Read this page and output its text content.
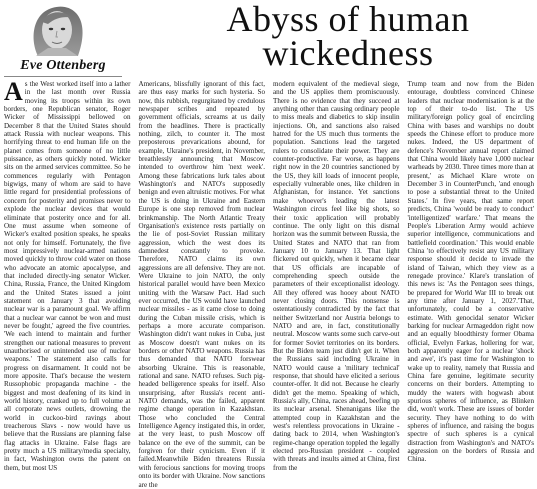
Eve Ottenberg
Abyss of human
wickedness

As the West worked itself into a lather in the last month over Russia moving its troops within its own borders, one Republican senator, Roger Wicker of Mississippi bellowed on December 8 that the United States should attack Russia with nuclear weapons. This horrifying threat to end human life on the planet comes from someone of no little puissance, as others quickly noted. Wicker sits on the armed services committee. So he commences regularly with Pentagon bigwigs, many of whom are said to have little regard for presidential professions of concern for posterity and promises never to explode the nuclear devices that would eliminate that posterity once and for all. One must assume when someone of Wicker's exalted position speaks, he speaks not only for himself. Fortunately, the five most impressively nuclear-armed nations moved quickly to throw cold water on those who advocate an atomic apocalypse, and that included directly-ing senator Wicker. China, Russia, France, the United Kingdom and the United States issued a joint statement on January 3 that avoiding nuclear war is a paramount goal. We affirm that a nuclear war cannot be won and must never be fought,' agreed the five countries. 'We each intend to maintain and further strengthen our national measures to prevent unauthorised or unintended use of nuclear weapons.' The statement also calls for progress on disarmament. It could not be more apposite. That's because the western Russophobic propaganda machine - the biggest and most deafening of its kind in world history, cranked up to full volume at all corporate news outlets, drowning the world in cuckoo-bird ravings about treacherous Slavs - now would have us believe that the Russians are planning false flag attacks in Ukraine. False flags are pretty much a US military/media specialty, in fact, Washington owns the patent on them, but most US

Americans, blissfully ignorant of this fact, are thus easy marks for such hysteria. So now, this rubbish, regurgitated by credulous newspaper scribes and repeated by government officials, screams at us daily from the headlines. There is practically nothing, zilch, to counter it. The most preposterous prevarications abound, for example, Ukraine's president, in November, breathlessly announcing that Moscow intended to overthrow him 'next week'. Among these fabrications lurk tales about Washington's and NATO's supposedly benign and even altruistic motives. For what the US is doing in Ukraine and Eastern Europe is one step removed from nuclear brinkmanship. The North Atlantic Treaty Organisation's existence rests partially on the lie of post-Soviet Russian military aggression, which the west does its damnedest constantly to provoke. Therefore, NATO claims its own aggressions are all defensive. They are not. Were Ukraine to join NATO, the only historical parallel would have been Mexico uniting with the Warsaw Pact. Had such ever occurred, the US would have launched nuclear missiles - as it came close to doing during the Cuban missile crisis, which is perhaps a more accurate comparison. Washington didn't want nukes in Cuba, just as Moscow doesn't want nukes on its borders or other NATO weapons. Russia has thus demanded that NATO forswear absorbing Ukraine. This is reasonable, rational and sane. NATO refuses. Such pig-headed belligerence speaks for itself. Also unsurprising, after Russia's recent anti-NATO demands, was the failed, apparent regime change operation in Kazakhstan. Those who concluded the Central Intelligence Agency instigated this, in order, at the very least, to push Moscow off balance on the eve of the summit, can be forgiven for their cynicism. Even if it failed.Meanwhile Biden threatens Russia with ferocious sanctions for moving troops onto its border with Ukraine. Now sanctions are the

modern equivalent of the medieval siege, and the US applies them promiscuously. There is no evidence that they succeed at anything other than causing ordinary people to miss meals and diabetics to skip insulin injections. Oh, and sanctions also raised hatred for the US much thus torments the population. Sanctions lead the targeted rulers to consolidate their power. They are counter-productive. Far worse, as happens right now in the 20 countries sanctioned by the US, they kill loads of innocent people, especially vulnerable ones, like children in Afghanistan, for instance. Yet sanctions make whoever's leading the latest Washington circus feel like big shots, so their toxic application will probably continue. The only light on this dismal horizon was the summit between Russia, the United States and NATO that ran from January 10 to January 13. That light flickered out quickly, when it became clear that US officials are incapable of comprehending speech outside the parameters of their exceptionalist ideology. All they offered was hooey about NATO never closing doors. This nonsense is ostentatiously contradicted by the fact that neither Switzerland nor Austria belongs to NATO and are, in fact, constitutionally neutral. Moscow wants some such carve-out for former Soviet territories on its borders. But the Biden team just didn't get it. When the Russians said including Ukraine in NATO would cause a 'military technical' response, that should have elicited a serious counter-offer. It did not. Because he clearly didn't get the memo. Speaking of which, Russia's ally, China, races ahead, beefing up its nuclear arsenal. Shenanigans like the attempted coup in Kazakhstan and the west's relentless provocations in Ukraine - dating back to 2014, when Washington's regime-change operation toppled the legally elected pro-Russian president - coupled with threats and insults aimed at China, first from the

Trump team and now from the Biden entourage, doubtless convinced Chinese leaders that nuclear modernisation is at the top of their to-do list. The US military/foreign policy goal of encircling China with bases and warships no doubt speeds the Chinese effort to produce more nukes. Indeed, the US department of defence's November annual report claimed that China would likely have 1,000 nuclear warheads by 2030. Three times more than at present,' as Michael Klare wrote on December 3 in CounterPunch, 'and enough to pose a substantial threat to the United States.' In five years, that same report predicts, China 'would be ready to conduct' 'intelligentized' warfare.' That means the People's Liberation Army would achieve superior intelligence, communications and battlefield coordination.' This would enable China 'to effectively resist any US military response should it decide to invade the island of Taiwan, which they view as a renegade province.' Klare's translation of this news is: 'As the Pentagon sees things, be prepared for World War III to break out any time after January 1, 2027.'That, unfortunately, could be a conservative estimate. With genocidal senator Wicker barking for nuclear Armageddon right now and an equally bloodthirsty former Obama official, Evelyn Farkas, hollering for war, both apparently eager for a nuclear 'shock and awe', it's past time for Washington to wake up to reality, namely that Russia and China fare genuine, legitimate security concerns on their borders. Attempting to muddy the waters with hogwash about spurious spheres of influence, as Blinken did, won't work. These are issues of border security. They have nothing to do with spheres of influence, and raising the bogus spectre of such spheres is a cynical distraction from Washington's and NATO's aggression on the borders of Russia and China.
